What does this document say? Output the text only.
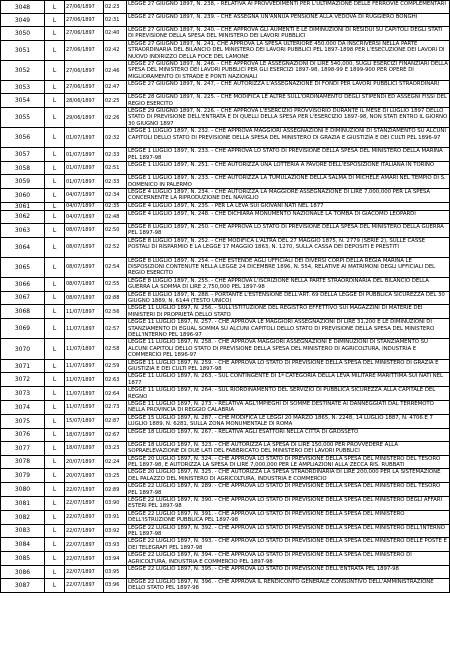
3048	L	27/06/1897	02:23	LEGGE 27 GIUGNO 1897, N. 238, - RELATIVA AI PROVVEDIMENTI PER L'ULTIMAZIONE DELLE FERROVIE COMPLEMENTARI
3049	L	27/06/1897	02:31	LEGGE 27 GIUGNO 1897, N. 239. - CHE ASSEGNA UN'ANNUA PENSIONE ALLA VEDOVA DI RUGGIERO BONGHI
3050	L	27/06/1897	02:40	LEGGE 27 GIUGNO 1897, N. 240. - CHE APPROVA GLI AUMENTI E LE DIMINUZIONI DI RESIDUI SU CAPITOLI DEGLI STATI DI PREVISIONE DELLA SPESA DEL MINISTERO DEI LAVORI PUBBLICI
3051	L	27/06/1897	02:42	LEGGE 27 GIUGNO 1897, N. 241, CHE APPROVA LA SPESA ULTERIORE 450.000 DA INSCRIVERSI NELLA PARTE STRAORDINARIA DEL BILANCIO DEL MINISTERO DEI LAVORI PUBBLICI PEL 1897-1898 PER L'ESECUZIONE DEI LAVORI DI NUOVO INDIRIZZO DELLA FOCE DEL LAMONE
3052	L	27/06/1897	02:46	LEGGE 27 GIUGNO 1897, N. 246. - CHE APPROVA LE ASSEGNAZIONI DI LIRE 540,000, SUGLI ESERCIZI FINANZIARI DELLA SPESA DEL MINISTERO DEI LAVORI PUBBLICI PER GLI ESERCIZI 1897-98, 1898-99 E 1899-900 PER OPERE DI MIGLIORAMENTO DI STRADE E PONTI NAZIONALI
3053	L	27/06/1897	02:47	LEGGE 27 GIUGNO 1897, N. 247, - CHE AUTORIZZA L'ASSEGNAZIONE DI FONDI PER LAVORI PUBBLICI STRAORDINARI
3054	L	28/06/1897	02:25	LEGGE 28 GIUGNO 1897, N. 225. - CHE MODIFICA LE ALTRE SULL'ORDINAMENTO DEGLI STIPENDI ED ASSEGNI FISSI DEL REGIO ESERCITO
3055	L	29/06/1897	02:26	LEGGE 29 GIUGNO 1897, N. 226. - CHE APPROVA L'ESERCIZIO PROVVISORIO DURANTE IL MESE DI LUGLIO 1897 DELLO STATO DI PREVISIONE DELL'ENTRATA E DI QUELLI DELLA SPESA PER L'ESERCIZIO 1897-98, NON STATI ENTRO IL GIORNO 30 GIUGNO 1897
3056	L	01/07/1897	02:32	LEGGE 1 LUGLIO 1897, N. 232. - CHE APPROVA MAGGIORI ASSEGNAZIONI E DIMINUZIONI DI STANZIAMENTO SU ALCUNI CAPITOLI DELLO STATO DI PREVISIONE DELLA SPESA DEL MINISTERO DI GRAZIA E GIUSTIZIA E DEI CULTI PEL 1896-97
3057	L	01/07/1897	02:33	LEGGE 1 LUGLIO 1897, N. 233. - CHE APPROVA LO STATO DI PREVISIONE DELLA SPESA DEL MINISTERO DELLA MARINA PEL 1897-98
3058	L	01/07/1897	02:51	LEGGE 1 LUGLIO 1897, N. 251. - CHE AUTORIZZA UNA LOTTERIA A FAVORE DELL'ESPOSIZIONE ITALIANA IN TORINO
3059	L	01/07/1897	02:33	LEGGE 1 LUGLIO 1897, N. 233. - CHE AUTORIZZA LA TUMULAZIONE DELLA SALMA DI MICHELE AMARI NEL TEMPIO DI S. DOMENICO IN PALERMO
3060	L	04/07/1897	02:34	LEGGE 4 LUGLIO 1897, N. 234. - CHE AUTORIZZA LA MAGGIORE ASSEGNAZIONE DI LIRE 7,000,000 PER LA SPESA CONCERNENTE LA RIPRODUZIONE DEL NAVIGLIO
3061	L	04/07/1897	02:35	LEGGE 4 LUGLIO 1897, N. 235. - PER LA LEVA SUI GIOVANI NATI NEL 1877
3062	L	04/07/1897	02:48	LEGGE 4 LUGLIO 1897, N. 248. - CHE DICHIARA MONUMENTO NAZIONALE LA TOMBA DI GIACOMO LEOPARDI
3063	L	08/07/1897	02:50	LEGGE 8 LUGLIO 1897, N. 250. - CHE APPROVA LO STATO DI PREVISIONE DELLA SPESA DEL MINISTERO DELLA GUERRA PEL 1897-98
3064	L	08/07/1897	02:52	LEGGE 8 LUGLIO 1897, N. 252. - CHE MODIFICA L'ALTRA DEL 27 MAGGIO 1875, N. 2779 (SERIE 2), SULLE CASSE POSTALI DI RISPARMIO E LA LEGGE 17 MAGGIO 1863, N. 1270, SULLA CASSA DEI DEPOSITI E PRESTITI
3065	L	08/07/1897	02:54	LEGGE 8 LUGLIO 1897, N. 254. - CHE ESTENDE AGLI UFFICIALI DEI DIVERSI CORPI DELLA REGIA MARINA LE DISPOSIZIONI CONTENUTE NELLA LEGGE 24 DICEMBRE 1896, N. 554, RELATIVE AI MATRIMONI DEGLI UFFICIALI DEL REGIO ESERCITO
3066	L	08/07/1897	02:55	LEGGE 8 LUGLIO 1897, N. 255. - CHE APPROVA L'ISCRIZIONE NELLA PARTE STRAORDINARIA DEL BILANCIO DELLA GUERRA LA SOMMA DI LIRE 2,750,000 PEL 1897-98
3067	L	08/07/1897	02:88	LEGGE 8 LUGLIO 1897, N. 288. - PORTANTE L'ESTENSIONE DELL'ART. 69 DELLA LEGGE DI PUBBLICA SICUREZZA DEL 30 GIUGNO 1889, N. 6144 (TESTO UNICO)
3068	L	11/07/1897	02:56	LEGGE 11 LUGLIO 1897, N. 256. - SULL'ISTITUZIONE DEL REGISTRO EFFETTIVO SUI MAGAZZINI DI MATERIE DEI MINISTERI DI PROPRIETÀ DELLO STATO
3069	L	11/07/1897	02:57	LEGGE 11 LUGLIO 1897, N. 257. - CHE APPROVA LE MAGGIORI ASSEGNAZIONI DI LIRE 31,200 E LE DIMINUZIONI DI STANZIAMENTO DI EGUAL SOMMA SU ALCUNI CAPITOLI DELLO STATO DI PREVISIONE DELLA SPESA DEL MINISTERO DELL'INTERNO PEL 1896-97
3070	L	11/07/1897	02:58	LEGGE 11 LUGLIO 1897, N. 258. - CHE APPROVA MAGGIORI ASSEGNAZIONI E DIMINUZIONI DI STANZIAMENTO SU ALCUNI CAPITOLI DELLO STATO DI PREVISIONE DELLA SPESA DEL MINISTERO DI AGRICOLTURA, INDUSTRIA E COMMERCIO PEL 1896-97
3071	L	11/07/1897	02:59	LEGGE 11 LUGLIO 1897, N. 259. - CHE APPROVA LO STATO DI PREVISIONE DELLA SPESA DEL MINISTERO DI GRAZIA E GIUSTIZIA E DEI CULTI PEL 1897-98
3072	L	11/07/1897	02:63	LEGGE 11 LUGLIO 1897, N. 263. - SUL CONTINGENTE DI 1ª CATEGORIA DELLA LEVA MILITARE MARITTIMA SUI NATI NEL 1877
3073	L	11/07/1897	02:64	LEGGE 11 LUGLIO 1897, N. 264. - SUL RIORDINAMENTO DEL SERVIZIO DI PUBBLICA SICUREZZA ALLA CAPITALE DEL REGNO
3074	L	11/07/1897	02:73	LEGGE 11 LUGLIO 1897, N. 273. - RELATIVA AGL'IMPIEGHI DI SOMME DESTINATE AI DANNEGGIATI DAL TERREMOTO NELLA PROVINCIA DI REGGIO CALABRIA
3075	L	15/07/1897	02:87	LEGGE 15 LUGLIO 1897, N. 287. - CHE MODIFICA LE LEGGI 20 MARZO 1865, N. 2248, 14 LUGLIO 1887, N. 4706 E 7 LUGLIO 1889, N. 6281, SULLA ZONA MONUMENTALE DI ROMA
3076	L	18/07/1897	02:67	LEGGE 18 LUGLIO 1897, N. 267. - RELATIVA AGLI ESATTORI NELLA CITTÀ DI GROSSETO
3077	L	18/07/1897	03:23	LEGGE 18 LUGLIO 1897, N. 323. - CHE AUTORIZZA LA SPESA DI LIRE 150,000 PER PROVVEDERE ALLA SOPRAELEVAZIONE DI DUE LATI DEL FABBRICATO DEL MINISTERO DEI LAVORI PUBBLICI
3078	L	20/07/1897	02:24	LEGGE 20 LUGLIO 1897, N. 324. - CHE APPROVA LO STATO DI PREVISIONE DELLA SPESA DEL MINISTERO DEL TESORO PEL 1897-98, E AUTORIZZA LA SPESA DI LIRE 7,000,000 PER LE AMPLIAZIONI ALLA ZECCA RIS. RUBBATI
3079	L	20/07/1897	03:25	LEGGE 20 LUGLIO 1897, N. 325. - CHE AUTORIZZA LA SPESA STRAORDINARIA DI LIRE 200,000 PER LA SISTEMAZIONE DEL PALAZZO DEL MINISTERO DI AGRICOLTURA, INDUSTRIA E COMMERCIO
3080	L	22/07/1897	02:89	LEGGE 22 LUGLIO 1897, N. 289. - CHE APPROVA LO STATO DI PREVISIONE DELLA SPESA DEL MINISTERO DEL TESORO PEL 1897-98
3081	L	22/07/1897	03:90	LEGGE 22 LUGLIO 1897, N. 390. - CHE APPROVA LO STATO DI PREVISIONE DELLA SPESA DEL MINISTERO DEGLI AFFARI ESTERI PEL 1897-98
3082	L	22/07/1897	03:91	LEGGE 22 LUGLIO 1897, N. 391. - CHE APPROVA LO STATO DI PREVISIONE DELLA SPESA DEL MINISTERO DELL'ISTRUZIONE PUBBLICA PEL 1897-98
3083	L	22/07/1897	03:92	LEGGE 22 LUGLIO 1897, N. 392. - CHE APPROVA LO STATO DI PREVISIONE DELLA SPESA DEL MINISTERO DELL'INTERNO PEL 1897-98
3084	L	22/07/1897	03:93	LEGGE 22 LUGLIO 1897, N. 393. - CHE APPROVA LO STATO DI PREVISIONE DELLA SPESA DEL MINISTERO DELLE POSTE E DEI TELEGRAFI PEL 1897-98
3085	L	22/07/1897	03:94	LEGGE 22 LUGLIO 1897, N. 394. - CHE APPROVA LO STATO DI PREVISIONE DELLA SPESA DEL MINISTERO DI AGRICOLTURA, INDUSTRIA E COMMERCIO PEL 1897-98
3086	L	22/07/1897	03:95	LEGGE 22 LUGLIO 1897, N. 395. - CHE APPROVA LO STATO DI PREVISIONE DELL'ENTRATA PEL 1897-98
3087	L	22/07/1897	03:96	LEGGE 22 LUGLIO 1897, N. 396. - CHE APPROVA IL RENDICONTO GENERALE CONSUNTIVO DELL'AMMINISTRAZIONE DELLO STATO PEL 1897-98
